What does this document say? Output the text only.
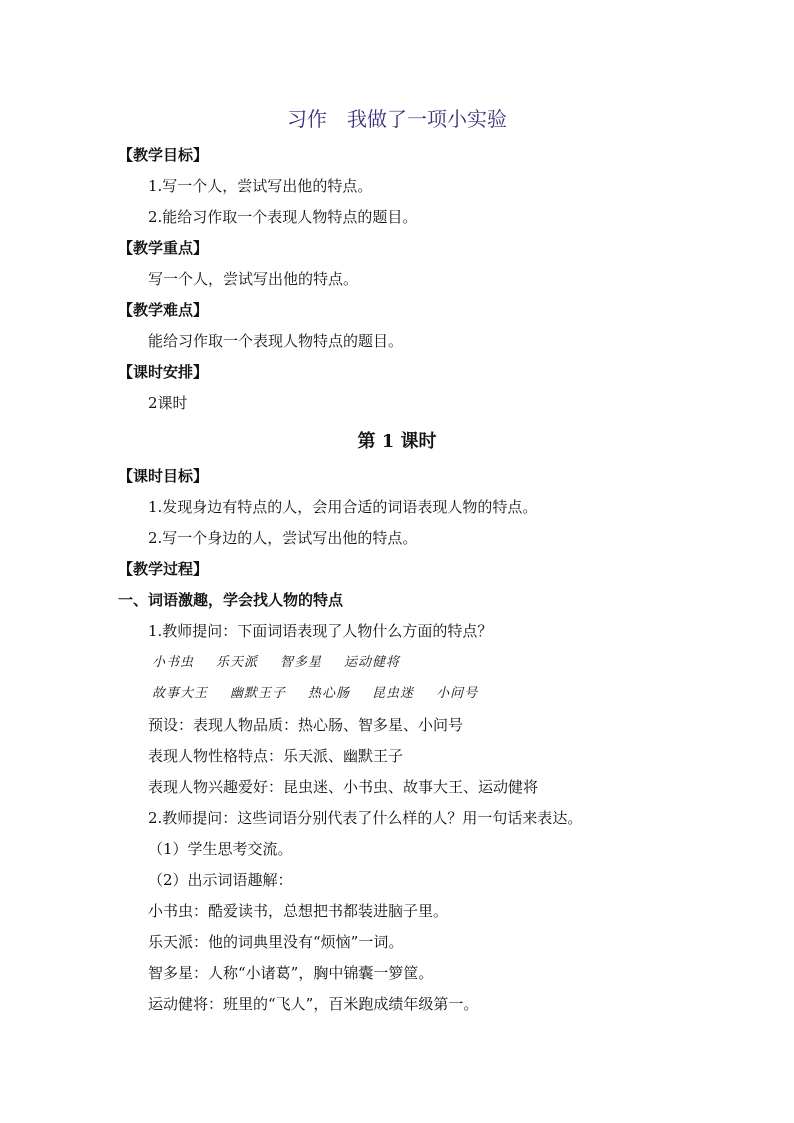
习作 我做了一项小实验
【教学目标】
1.写一个人，尝试写出他的特点。
2.能给习作取一个表现人物特点的题目。
【教学重点】
写一个人，尝试写出他的特点。
【教学难点】
能给习作取一个表现人物特点的题目。
【课时安排】
2课时
第 1 课时
【课时目标】
1.发现身边有特点的人，会用合适的词语表现人物的特点。
2.写一个身边的人，尝试写出他的特点。
【教学过程】
一、词语激趣，学会找人物的特点
1.教师提问：下面词语表现了人物什么方面的特点？
小书虫 乐天派 智多星 运动健将
故事大王 幽默王子 热心肠 昆虫迷 小问号
预设：表现人物品质：热心肠、智多星、小问号
表现人物性格特点：乐天派、幽默王子
表现人物兴趣爱好：昆虫迷、小书虫、故事大王、运动健将
2.教师提问：这些词语分别代表了什么样的人？用一句话来表达。
（1）学生思考交流。
（2）出示词语趣解：
小书虫：酷爱读书，总想把书都装进脑子里。
乐天派：他的词典里没有“烦恼”一词。
智多星：人称“小诸葛”，胸中锦囊一箩筐。
运动健将：班里的“飞人”，百米跑成绩年级第一。
